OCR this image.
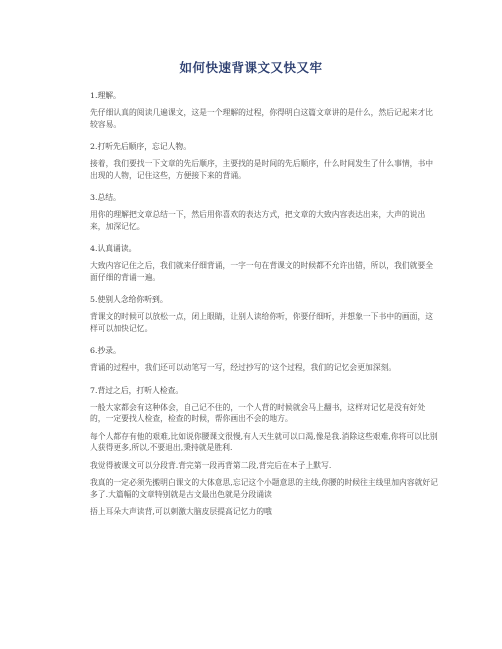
如何快速背课文又快又牢

1.理解。

先仔细认真的阅读几遍课文，这是一个理解的过程，你得明白这篇文章讲的是什么，然后记起来才比较容易。

2.打听先后顺序，忘记人物。

接着，我们要找一下文章的先后顺序，主要找的是时间的先后顺序，什么时间发生了什么事情，书中出现的人物，记住这些，方便接下来的背诵。

3.总结。

用你的理解把文章总结一下，然后用你喜欢的表达方式，把文章的大致内容表达出来，大声的说出来，加深记忆。

4.认真诵读。

大致内容记住之后，我们就来仔细背诵，一字一句在背课文的时候都不允许出错，所以，我们就要全面仔细的背诵一遍。

5.使别人念给你听到。

背课文的时候可以放松一点，闭上眼睛，让别人读给你听，你要仔细听，并想象一下书中的画面，这样可以加快记忆。

6.抄录。

背诵的过程中，我们还可以动笔写一写，经过抄写的'这个过程，我们的记忆会更加深刻。

7.背过之后，打听人检查。

一般大家都会有这种体会，自己记不住的，一个人背的时候就会马上翻书，这样对记忆是没有好处的，一定要找人检查，检查的时候，帮你画出不会的地方。

每个人都存有他的艰难,比如说你腰课文很慢,有人天生就可以口渴,像是我.消除这些艰难,你将可以比别人获得更多,所以,不要退出,秉持就是胜利.

我觉得被课文可以分段背.背完第一段再背第二段,背完后在本子上默写.

我真的一定必须先搬明白课文的大体意思,忘记这个小题意思的主线,你腰的时候往主线里加内容就好记多了.大篇幅的文章特别就是古文最出色就是分段诵读

捂上耳朵大声读背,可以刺激大脑皮层提高记忆力的哦
